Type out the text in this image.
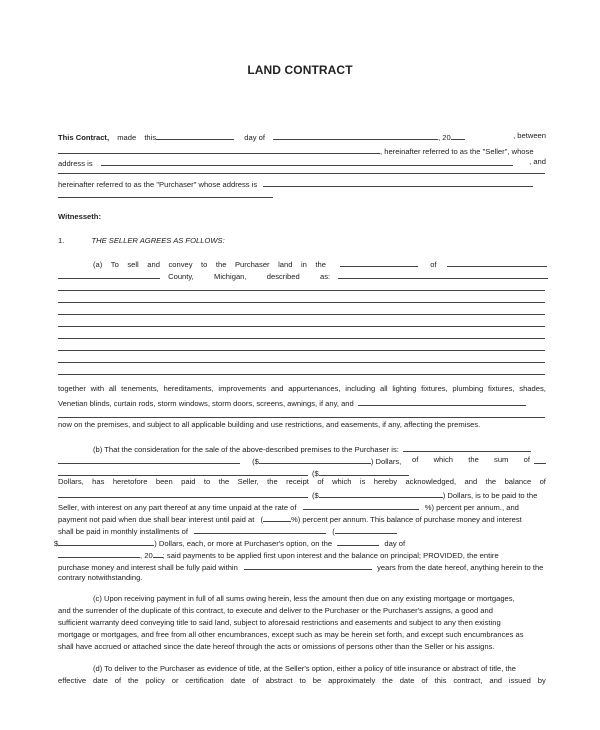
LAND CONTRACT
This Contract, made this	day of	, 20	, between
, hereinafter referred to as the "Seller", whose
address is	, and
hereinafter referred to as the "Purchaser" whose address is
Witnesseth:
1.	THE SELLER AGREES AS FOLLOWS:
(a) To sell and convey to the Purchaser land in the	of

County,	Michigan,	described	as:

together with all tenements, hereditaments, improvements and appurtenances, including all lighting fixtures, plumbing fixtures, shades,
Venetian blinds, curtain rods, storm windows, storm doors, screens, awnings, if any, and
now on the premises, and subject to all applicable building and use restrictions, and easements, if any, affecting the premises.
(b) That the consideration for the sale of the above-described premises to the Purchaser is:
($	) Dollars, of which the sum of
($
Dollars, has heretofore been paid to the Seller, the receipt of which is hereby acknowledged, and the balance of
($	) Dollars, is to be paid to the
Seller, with interest on any part thereof at any time unpaid at the rate of	%) percent per annum., and
payment not paid when due shall bear interest until paid at (	%) percent per annum. This balance of purchase money and interest
shall be paid in monthly installments of	(
$	) Dollars, each, or more at Purchaser's option, on the	day of
, 20 ; said payments to be applied first upon interest and the balance on principal; PROVIDED, the entire
purchase money and interest shall be fully paid within	years from the date hereof, anything herein to the
contrary notwithstanding.
(c) Upon receiving payment in full of all sums owing herein, less the amount then due on any existing mortgage or mortgages,
and the surrender of the duplicate of this contract, to execute and deliver to the Purchaser or the Purchaser's assigns, a good and
sufficient warranty deed conveying title to said land, subject to aforesaid restrictions and easements and subject to any then existing
mortgage or mortgages, and free from all other encumbrances, except such as may be herein set forth, and except such encumbrances as
shall have accrued or attached since the date hereof through the acts or omissions of persons other than the Seller or his assigns.
(d) To deliver to the Purchaser as evidence of title, at the Seller's option, either a policy of title insurance or abstract of title, the
effective date of the policy or certification date of abstract to be approximately the date of this contract, and issued by
